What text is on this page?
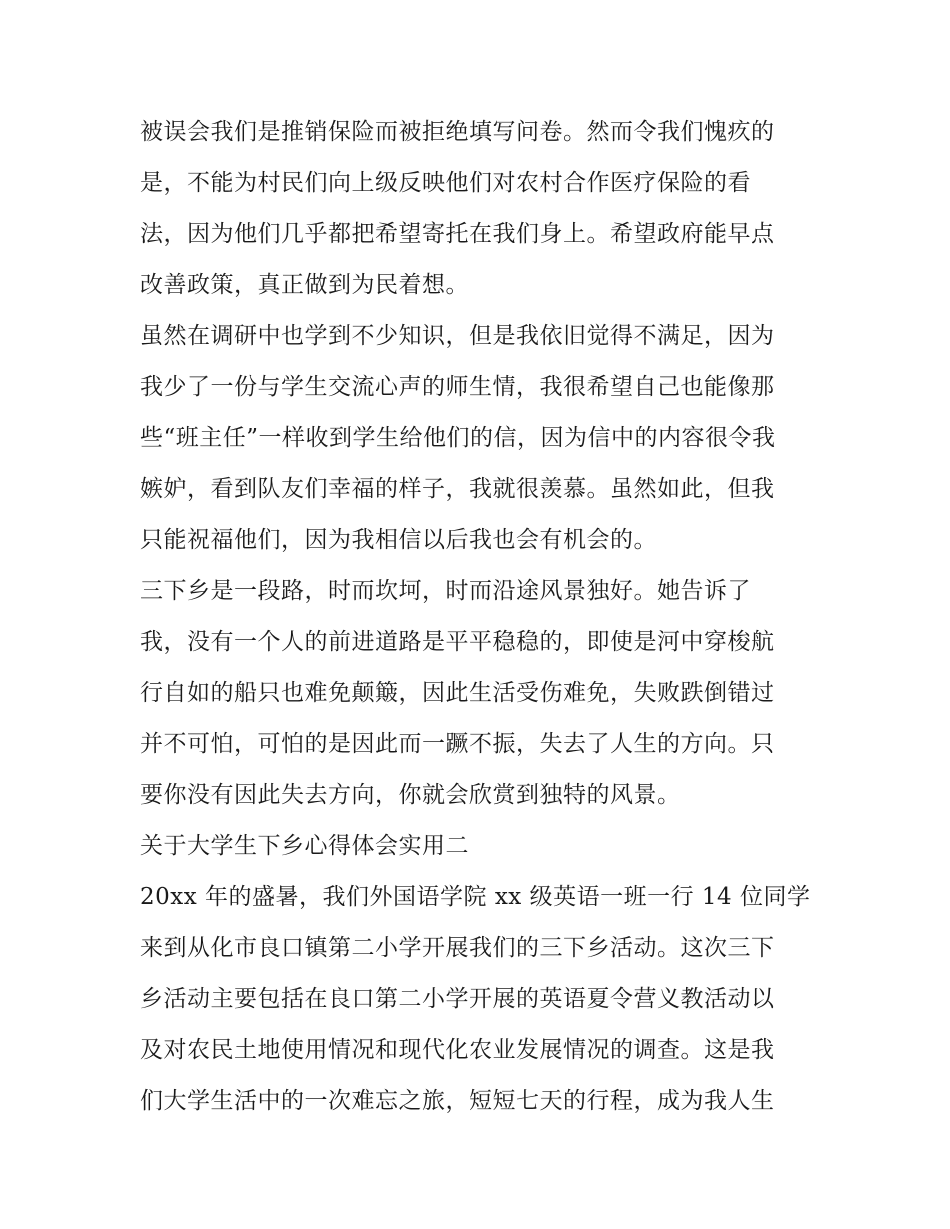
被误会我们是推销保险而被拒绝填写问卷。然而令我们愧疚的
是，不能为村民们向上级反映他们对农村合作医疗保险的看
法，因为他们几乎都把希望寄托在我们身上。希望政府能早点
改善政策，真正做到为民着想。
虽然在调研中也学到不少知识，但是我依旧觉得不满足，因为
我少了一份与学生交流心声的师生情，我很希望自己也能像那
些“班主任”一样收到学生给他们的信，因为信中的内容很令我
嫉妒，看到队友们幸福的样子，我就很羡慕。虽然如此，但我
只能祝福他们，因为我相信以后我也会有机会的。
三下乡是一段路，时而坎坷，时而沿途风景独好。她告诉了
我，没有一个人的前进道路是平平稳稳的，即使是河中穿梭航
行自如的船只也难免颠簸，因此生活受伤难免，失败跌倒错过
并不可怕，可怕的是因此而一蹶不振，失去了人生的方向。只
要你没有因此失去方向，你就会欣赏到独特的风景。
关于大学生下乡心得体会实用二
20xx 年的盛暑，我们外国语学院 xx 级英语一班一行 14 位同学
来到从化市良口镇第二小学开展我们的三下乡活动。这次三下
乡活动主要包括在良口第二小学开展的英语夏令营义教活动以
及对农民土地使用情况和现代化农业发展情况的调查。这是我
们大学生活中的一次难忘之旅，短短七天的行程，成为我人生
